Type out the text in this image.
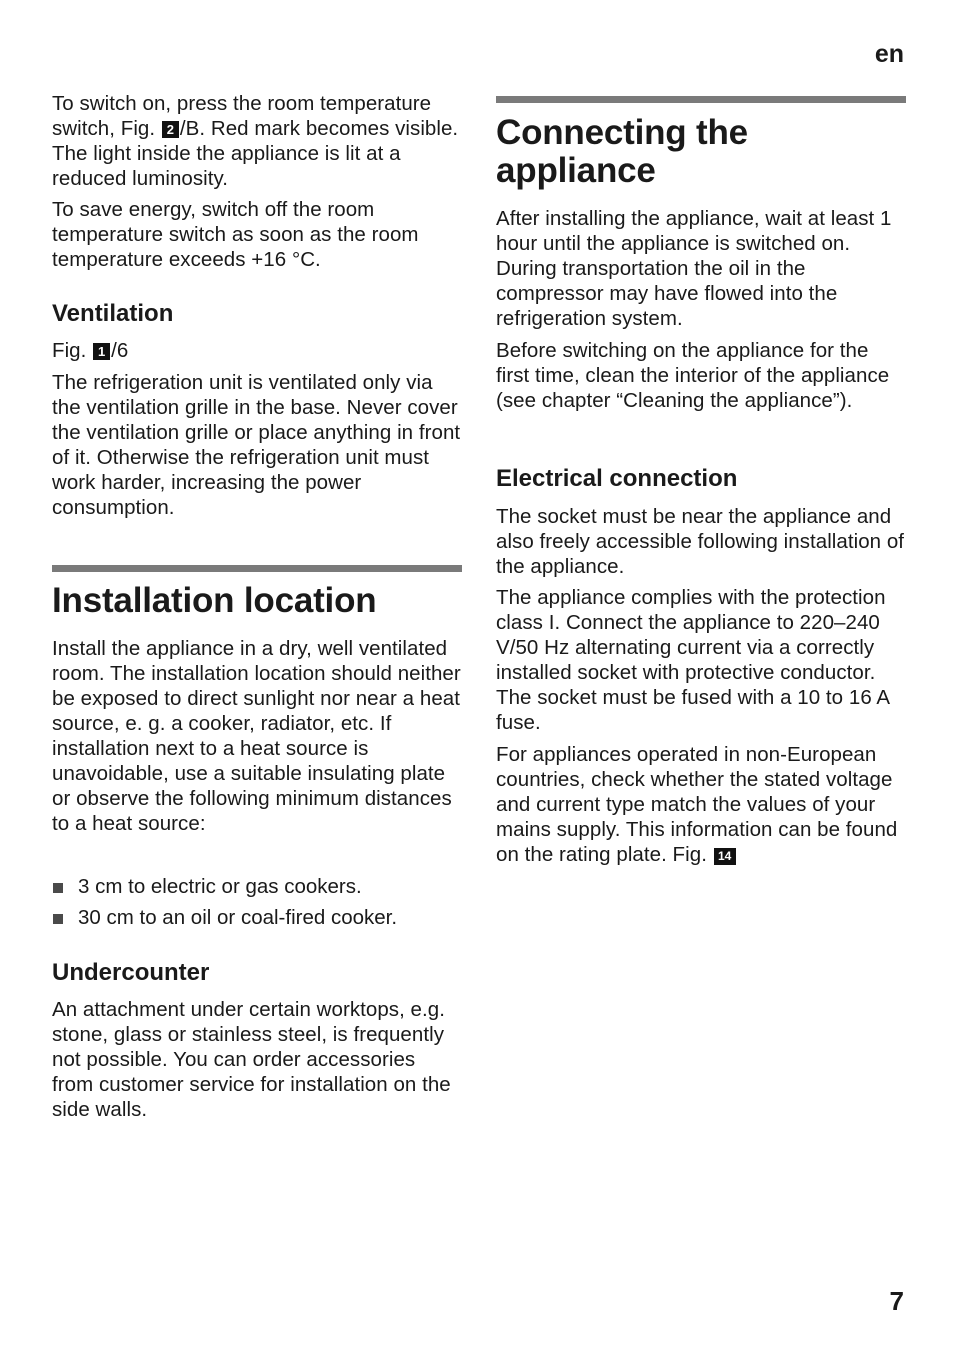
en

To switch on, press the room temperature switch, Fig. 2 /B. Red mark becomes visible. The light inside the appliance is lit at a reduced luminosity.

To save energy, switch off the room temperature switch as soon as the room temperature exceeds +16 °C.

Ventilation

Fig. 1 /6

The refrigeration unit is ventilated only via the ventilation grille in the base. Never cover the ventilation grille or place anything in front of it. Otherwise the refrigeration unit must work harder, increasing the power consumption.

Installation location

Install the appliance in a dry, well ventilated room. The installation location should neither be exposed to direct sunlight nor near a heat source, e. g. a cooker, radiator, etc. If installation next to a heat source is unavoidable, use a suitable insulating plate or observe the following minimum distances to a heat source:

3 cm to electric or gas cookers.
30 cm to an oil or coal-fired cooker.
Undercounter

An attachment under certain worktops, e.g. stone, glass or stainless steel, is frequently not possible. You can order accessories from customer service for installation on the side walls.

Connecting the appliance

After installing the appliance, wait at least 1 hour until the appliance is switched on. During transportation the oil in the compressor may have flowed into the refrigeration system.

Before switching on the appliance for the first time, clean the interior of the appliance (see chapter “Cleaning the appliance”).

Electrical connection

The socket must be near the appliance and also freely accessible following installation of the appliance.

The appliance complies with the protection class I. Connect the appliance to 220–240 V/50 Hz alternating current via a correctly installed socket with protective conductor. The socket must be fused with a 10 to 16 A fuse.

For appliances operated in non-European countries, check whether the stated voltage and current type match the values of your mains supply. This information can be found on the rating plate. Fig. 14

7
